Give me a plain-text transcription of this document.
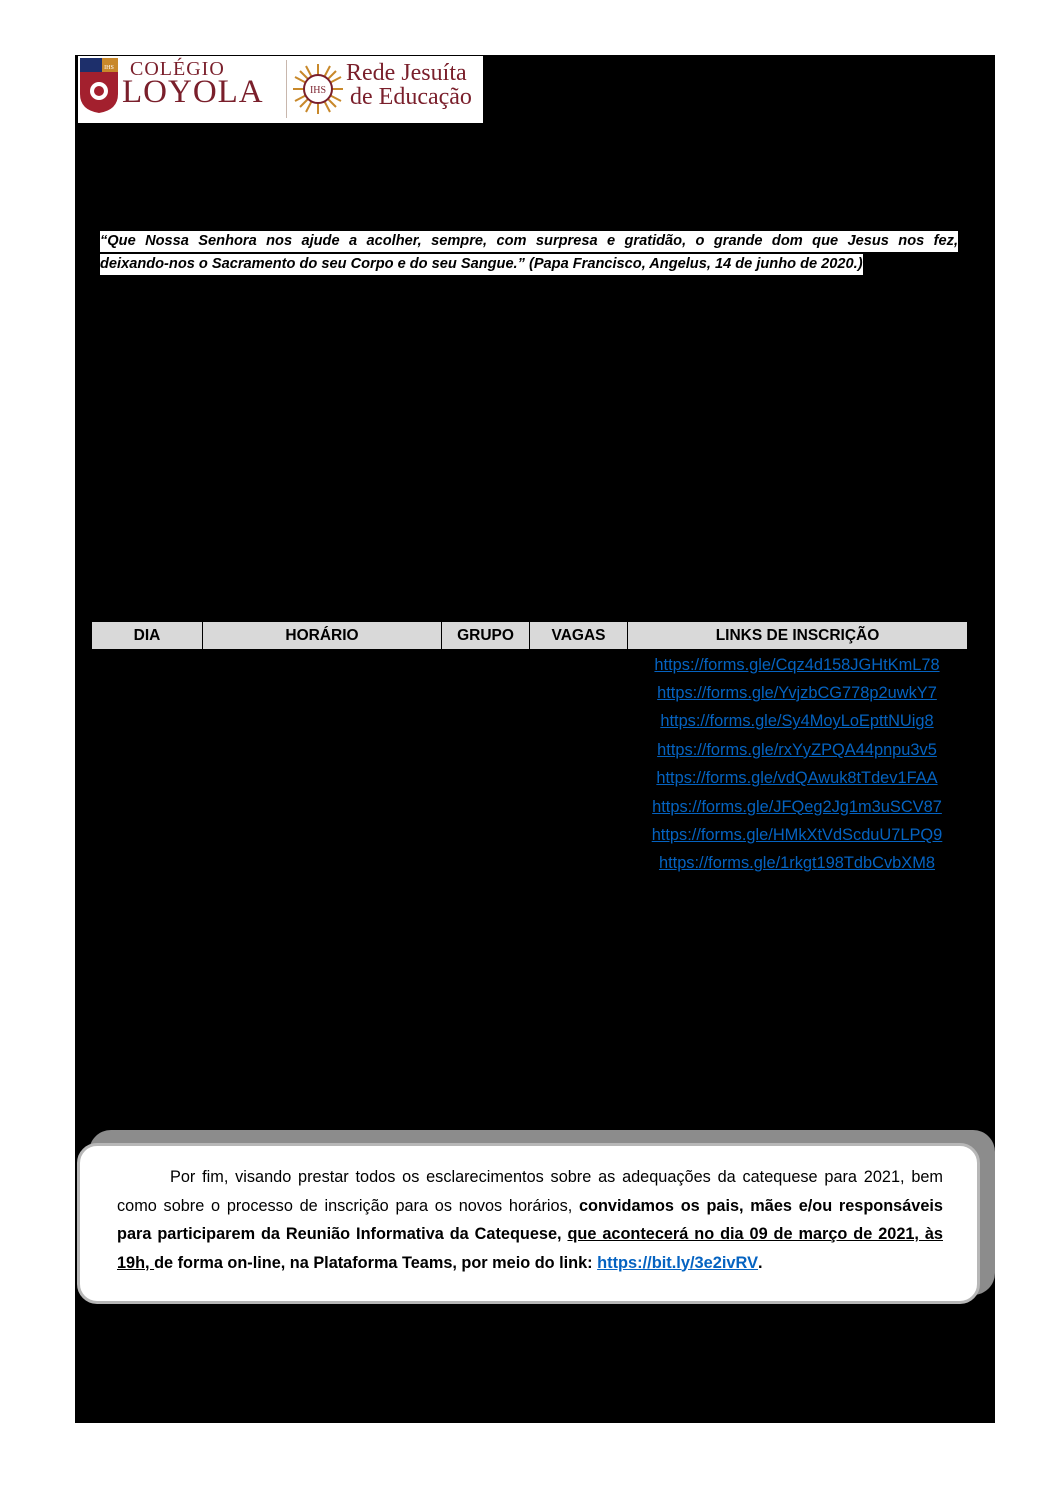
IHS COLÉGIO
LOYOLA	IHS
Rede Jesuíta
de Educação
“Que Nossa Senhora nos ajude a acolher, sempre, com surpresa e gratidão, o grande dom que Jesus nos fez,
deixando-nos o Sacramento do seu Corpo e do seu Sangue.” (Papa Francisco, Angelus, 14 de junho de 2020.)
DIA	HORÁRIO	GRUPO	VAGAS	LINKS DE INSCRIÇÃO
https://forms.gle/Cqz4d158JGHtKmL78
https://forms.gle/YvjzbCG778p2uwkY7
https://forms.gle/Sy4MoyLoEpttNUig8
https://forms.gle/rxYyZPQA44pnpu3v5
https://forms.gle/vdQAwuk8tTdev1FAA
https://forms.gle/JFQeg2Jg1m3uSCV87
https://forms.gle/HMkXtVdScduU7LPQ9
https://forms.gle/1rkgt198TdbCvbXM8

Por fim, visando prestar todos os esclarecimentos sobre as adequações da catequese para 2021, bem como sobre o processo de inscrição para os novos horários, convidamos os pais, mães e/ou responsáveis para participarem da Reunião Informativa da Catequese, que acontecerá no dia 09 de março de 2021, às 19h, de forma on-line, na Plataforma Teams, por meio do link: https://bit.ly/3e2ivRV.
